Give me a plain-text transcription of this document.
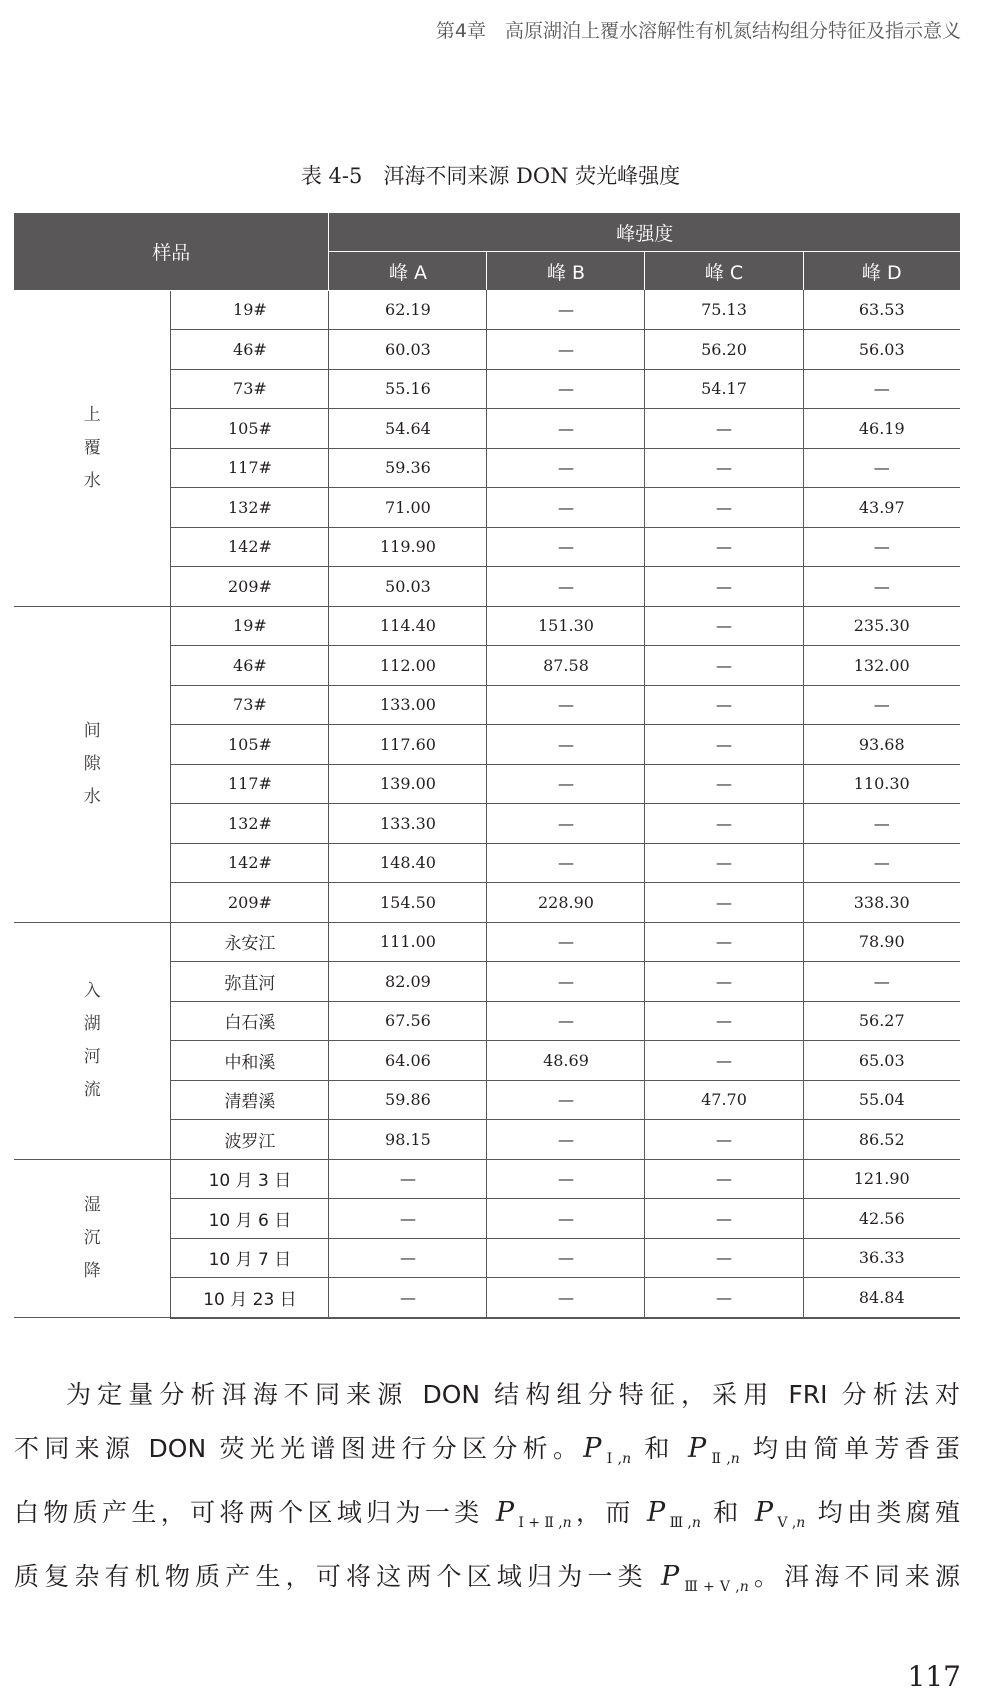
第4章　高原湖泊上覆水溶解性有机氮结构组分特征及指示意义
表 4-5　洱海不同来源 DON 荧光峰强度
样品		峰强度			
		峰 A	峰 B	峰 C	峰 D
上覆水	19#	62.19	—	75.13	63.53
	46#	60.03	—	56.20	56.03
	73#	55.16	—	54.17	—
	105#	54.64	—	—	46.19
	117#	59.36	—	—	—
	132#	71.00	—	—	43.97
	142#	119.90	—	—	—
	209#	50.03	—	—	—
间隙水	19#	114.40	151.30	—	235.30
	46#	112.00	87.58	—	132.00
	73#	133.00	—	—	—
	105#	117.60	—	—	93.68
	117#	139.00	—	—	110.30
	132#	133.30	—	—	—
	142#	148.40	—	—	—
	209#	154.50	228.90	—	338.30
入湖河流	永安江	111.00	—	—	78.90
	弥苴河	82.09	—	—	—
	白石溪	67.56	—	—	56.27
	中和溪	64.06	48.69	—	65.03
	清碧溪	59.86	—	47.70	55.04
	波罗江	98.15	—	—	86.52
湿沉降	10 月 3 日	—	—	—	121.90
	10 月 6 日	—	—	—	42.56
	10 月 7 日	—	—	—	36.33
	10 月 23 日	—	—	—	84.84
为定量分析洱海不同来源 DON 结构组分特征，采用 FRI 分析法对
不同来源 DON 荧光光谱图进行分区分析。$P_{Ⅰ,n}$ 和 $P_{Ⅱ,n}$ 均由简单芳香蛋
白物质产生，可将两个区域归为一类 $P_{Ⅰ+Ⅱ,n}$，而 $P_{Ⅲ,n}$ 和 $P_{Ⅴ,n}$ 均由类腐殖
质复杂有机物质产生，可将这两个区域归为一类 $P_{Ⅲ+Ⅴ,n}$。洱海不同来源
117
